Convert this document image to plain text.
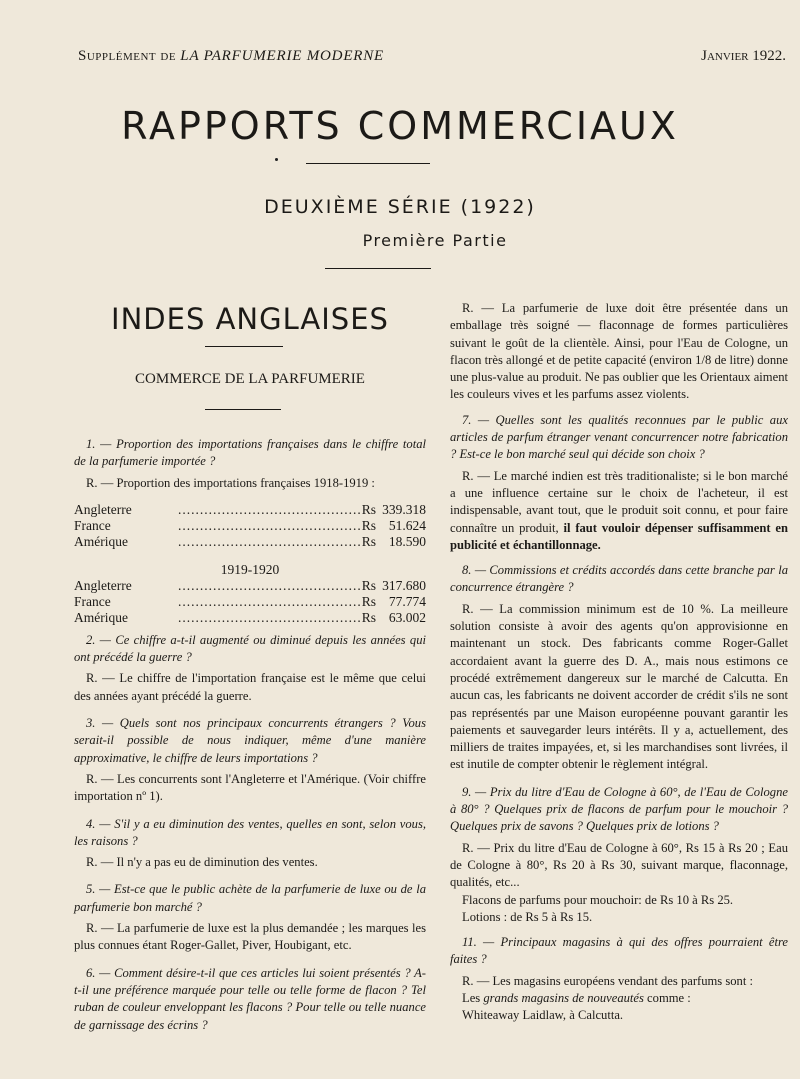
Supplément de LA PARFUMERIE MODERNE	Janvier 1922.
RAPPORTS COMMERCIAUX
DEUXIÈME SÉRIE (1922)
Première Partie
INDES ANGLAISES
COMMERCE DE LA PARFUMERIE

1. — Proportion des importations françaises dans le chiffre total de la parfumerie importée ?

R. — Proportion des importations françaises 1918-1919 :

Angleterre	..........................................	Rs	339.318
France	..........................................	Rs	51.624
Amérique	..........................................	Rs	18.590
1919-1920
Angleterre	..........................................	Rs	317.680
France	..........................................	Rs	77.774
Amérique	..........................................	Rs	63.002

2. — Ce chiffre a-t-il augmenté ou diminué depuis les années qui ont précédé la guerre ?

R. — Le chiffre de l'importation française est le même que celui des années ayant précédé la guerre.

3. — Quels sont nos principaux concurrents étrangers ? Vous serait-il possible de nous indiquer, même d'une manière approximative, le chiffre de leurs importations ?

R. — Les concurrents sont l'Angleterre et l'Amérique. (Voir chiffre importation nº 1).

4. — S'il y a eu diminution des ventes, quelles en sont, selon vous, les raisons ?

R. — Il n'y a pas eu de diminution des ventes.

5. — Est-ce que le public achète de la parfumerie de luxe ou de la parfumerie bon marché ?

R. — La parfumerie de luxe est la plus demandée ; les marques les plus connues étant Roger-Gallet, Piver, Houbigant, etc.

6. — Comment désire-t-il que ces articles lui soient présentés ? A-t-il une préférence marquée pour telle ou telle forme de flacon ? Tel ruban de couleur enveloppant les flacons ? Pour telle ou telle nuance de garnissage des écrins ?

R. — La parfumerie de luxe doit être présentée dans un emballage très soigné — flaconnage de formes particulières suivant le goût de la clientèle. Ainsi, pour l'Eau de Cologne, un flacon très allongé et de petite capacité (environ 1/8 de litre) donne une plus-value au produit. Ne pas oublier que les Orientaux aiment les couleurs vives et les parfums assez violents.

7. — Quelles sont les qualités reconnues par le public aux articles de parfum étranger venant concurrencer notre fabrication ? Est-ce le bon marché seul qui décide son choix ?

R. — Le marché indien est très traditionaliste; si le bon marché a une influence certaine sur le choix de l'acheteur, il est indispensable, avant tout, que le produit soit connu, et pour faire connaître un produit, il faut vouloir dépenser suffisamment en publicité et échantillonnage.

8. — Commissions et crédits accordés dans cette branche par la concurrence étrangère ?

R. — La commission minimum est de 10 %. La meilleure solution consiste à avoir des agents qu'on approvisionne en maintenant un stock. Des fabricants comme Roger-Gallet accordaient avant la guerre des D. A., mais nous estimons ce procédé extrêmement dangereux sur le marché de Calcutta. En aucun cas, les fabricants ne doivent accorder de crédit s'ils ne sont pas représentés par une Maison européenne pouvant garantir les paiements et sauvegarder leurs intérêts. Il y a, actuellement, des milliers de traites impayées, et, si les marchandises sont livrées, il est inutile de compter obtenir le règlement intégral.

9. — Prix du litre d'Eau de Cologne à 60°, de l'Eau de Cologne à 80° ? Quelques prix de flacons de parfum pour le mouchoir ? Quelques prix de savons ? Quelques prix de lotions ?

R. — Prix du litre d'Eau de Cologne à 60°, Rs 15 à Rs 20 ; Eau de Cologne à 80°, Rs 20 à Rs 30, suivant marque, flaconnage, qualités, etc...

Flacons de parfums pour mouchoir: de Rs 10 à Rs 25.

Lotions : de Rs 5 à Rs 15.

11. — Principaux magasins à qui des offres pourraient être faites ?

R. — Les magasins européens vendant des parfums sont :

Les grands magasins de nouveautés comme :

Whiteaway Laidlaw, à Calcutta.
